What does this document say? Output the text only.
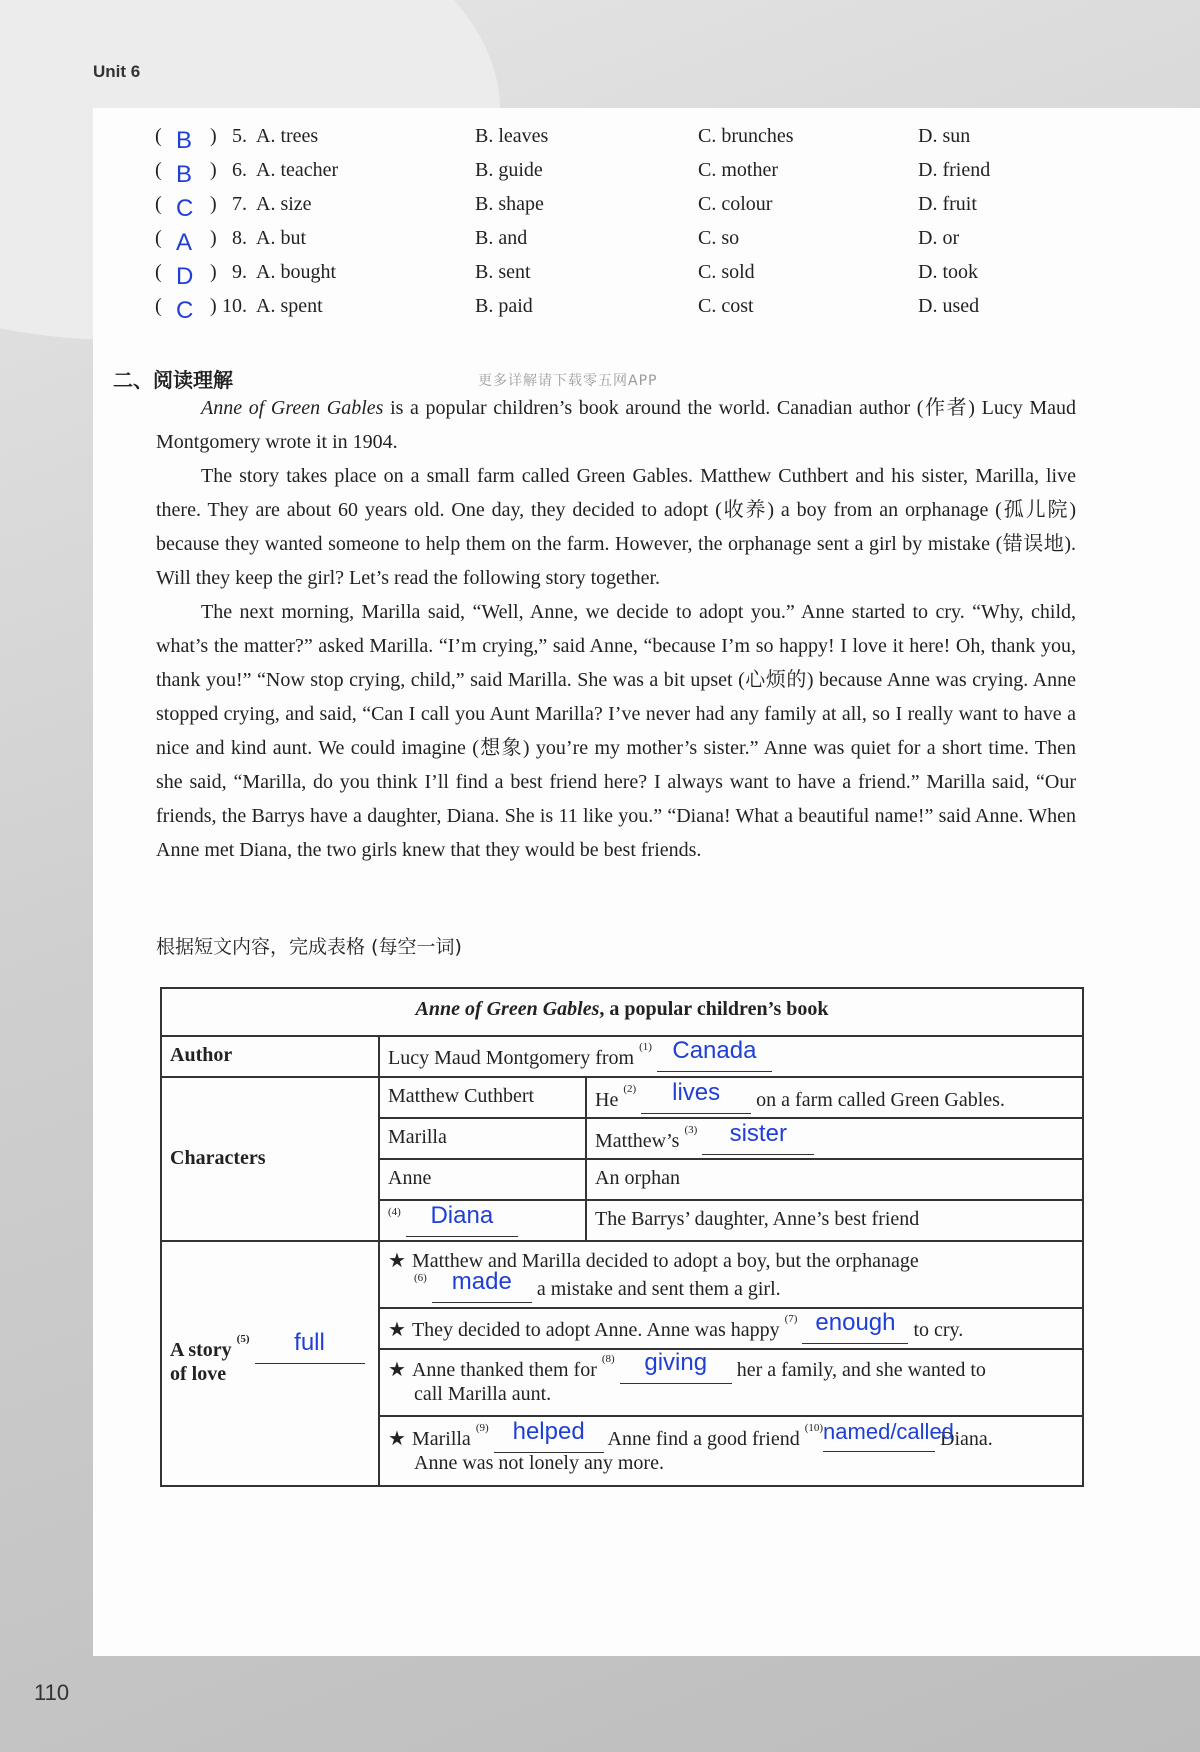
Unit 6
110
( B ) 5. A. trees	B. leaves	C. brunches	D. sun
( B ) 6. A. teacher	B. guide	C. mother	D. friend
( C ) 7. A. size	B. shape	C. colour	D. fruit
( A ) 8. A. but	B. and	C. so	D. or
( D ) 9. A. bought	B. sent	C. sold	D. took
( C ) 10. A. spent	B. paid	C. cost	D. used
二、阅读理解	更多详解请下载零五网APP

Anne of Green Gables is a popular children’s book around the world. Canadian author (作者) Lucy Maud Montgomery wrote it in 1904.

The story takes place on a small farm called Green Gables. Matthew Cuthbert and his sister, Marilla, live there. They are about 60 years old. One day, they decided to adopt (收养) a boy from an orphanage (孤儿院) because they wanted someone to help them on the farm. However, the orphanage sent a girl by mistake (错误地). Will they keep the girl? Let’s read the following story together.

The next morning, Marilla said, “Well, Anne, we decide to adopt you.” Anne started to cry. “Why, child, what’s the matter?” asked Marilla. “I’m crying,” said Anne, “because I’m so happy! I love it here! Oh, thank you, thank you!” “Now stop crying, child,” said Marilla. She was a bit upset (心烦的) because Anne was crying. Anne stopped crying, and said, “Can I call you Aunt Marilla? I’ve never had any family at all, so I really want to have a nice and kind aunt. We could imagine (想象) you’re my mother’s sister.” Anne was quiet for a short time. Then she said, “Marilla, do you think I’ll find a best friend here? I always want to have a friend.” Marilla said, “Our friends, the Barrys have a daughter, Diana. She is 11 like you.” “Diana! What a beautiful name!” said Anne. When Anne met Diana, the two girls knew that they would be best friends.

根据短文内容，完成表格 (每空一词)
Anne of Green Gables, a popular children’s book
Author	Lucy Maud Montgomery from $^{(1)}$ Canada
Characters
Matthew Cuthbert	He $^{(2)}$ lives on a farm called Green Gables.
Marilla	Matthew’s $^{(3)}$ sister
Anne	An orphan
$^{(4)}$ Diana	The Barrys’ daughter, Anne’s best friend
A story $^{(5)}$ full
of love
★ Matthew and Marilla decided to adopt a boy, but the orphanage
$^{(6)}$ made a mistake and sent them a girl.
★ They decided to adopt Anne. Anne was happy $^{(7)}$ enough to cry.
★ Anne thanked them for $^{(8)}$ giving her a family, and she wanted to
call Marilla aunt.
★ Marilla $^{(9)}$ helped Anne find a good friend $^{(10)}$named/called Diana.
Anne was not lonely any more.
